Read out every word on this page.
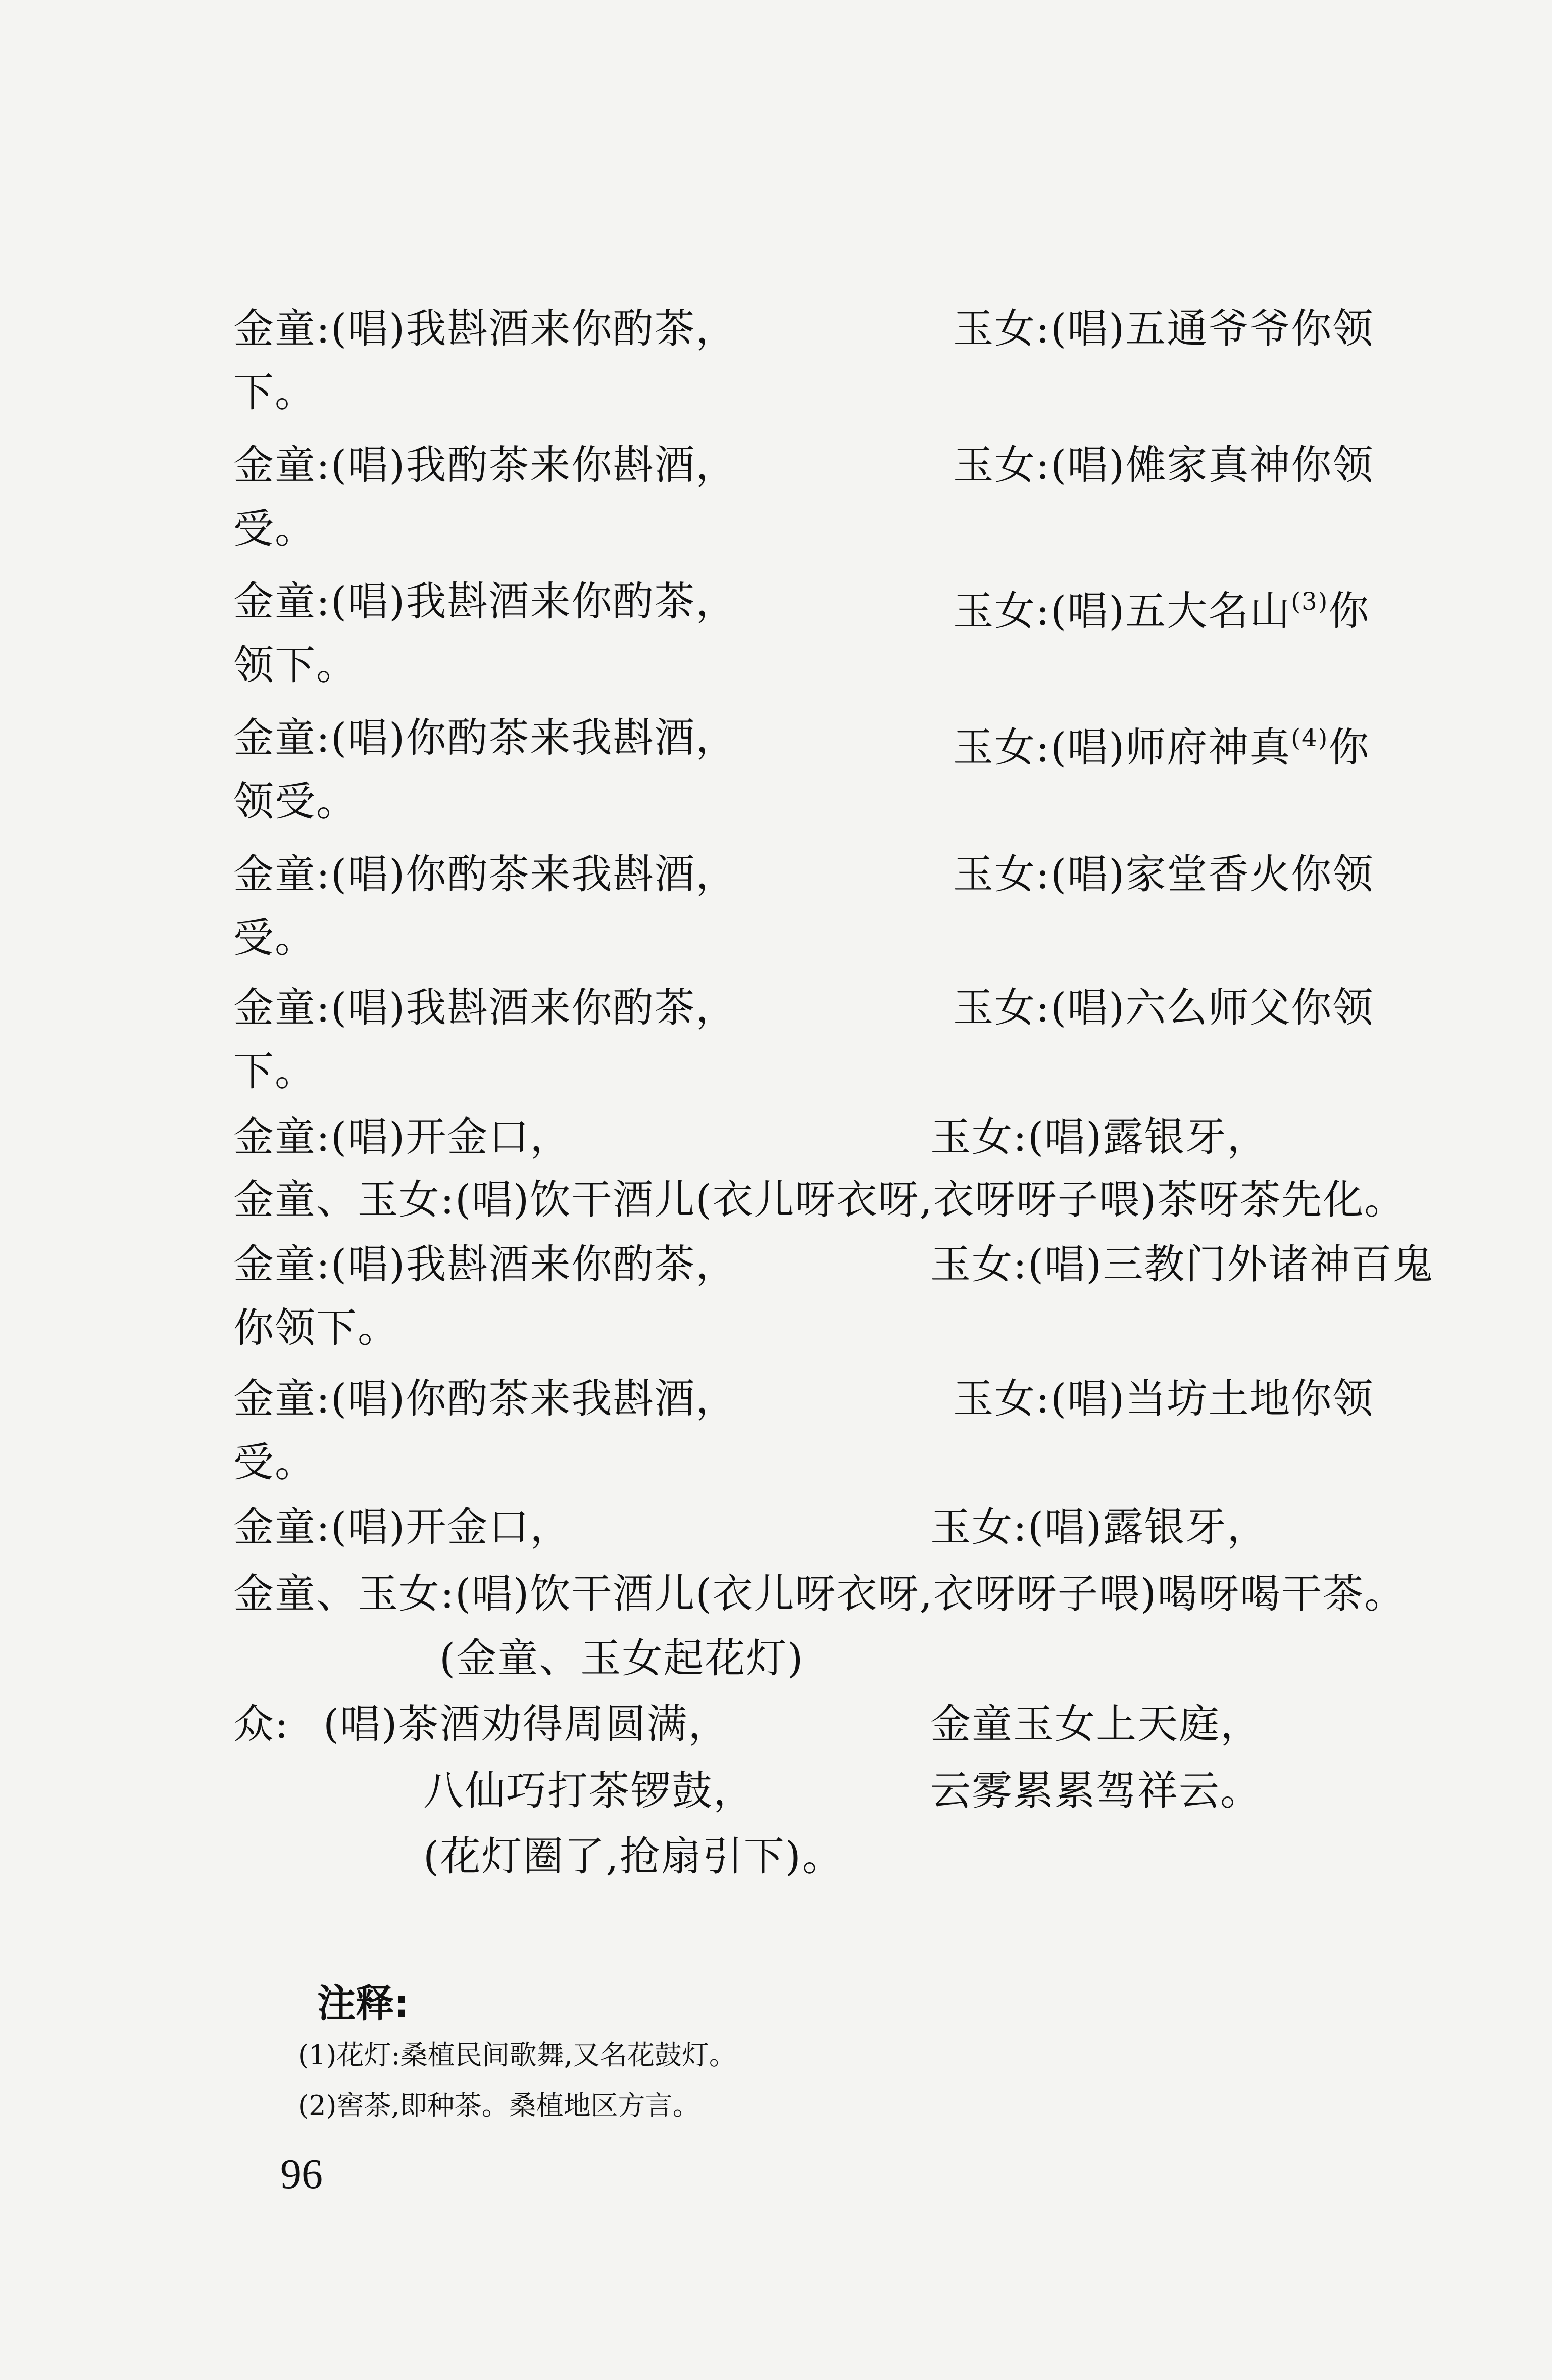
金童:(唱)我斟酒来你酌茶，	玉女:(唱)五通爷爷你领
下。
金童:(唱)我酌茶来你斟酒，	玉女:(唱)傩家真神你领
受。
金童:(唱)我斟酒来你酌茶，	玉女:(唱)五大名山$^{(3)}$你
领下。
金童:(唱)你酌茶来我斟酒，	玉女:(唱)师府神真$^{(4)}$你
领受。
金童:(唱)你酌茶来我斟酒，	玉女:(唱)家堂香火你领
受。
金童:(唱)我斟酒来你酌茶，	玉女:(唱)六么师父你领
下。
金童:(唱)开金口，	玉女:(唱)露银牙，
金童、玉女:(唱)饮干酒儿(衣儿呀衣呀,衣呀呀子喂)茶呀茶先化。
金童:(唱)我斟酒来你酌茶，	玉女:(唱)三教门外诸神百鬼
你领下。
金童:(唱)你酌茶来我斟酒，	玉女:(唱)当坊土地你领
受。
金童:(唱)开金口，	玉女:(唱)露银牙，
金童、玉女:(唱)饮干酒儿(衣儿呀衣呀,衣呀呀子喂)喝呀喝干茶。
(金童、玉女起花灯)
众: (唱)茶酒劝得周圆满，	金童玉女上天庭，
八仙巧打茶锣鼓，	云雾累累驾祥云。
(花灯圈了,抢扇引下)。
注释:
(1)花灯:桑植民间歌舞,又名花鼓灯。
(2)窖茶,即种茶。桑植地区方言。
96
